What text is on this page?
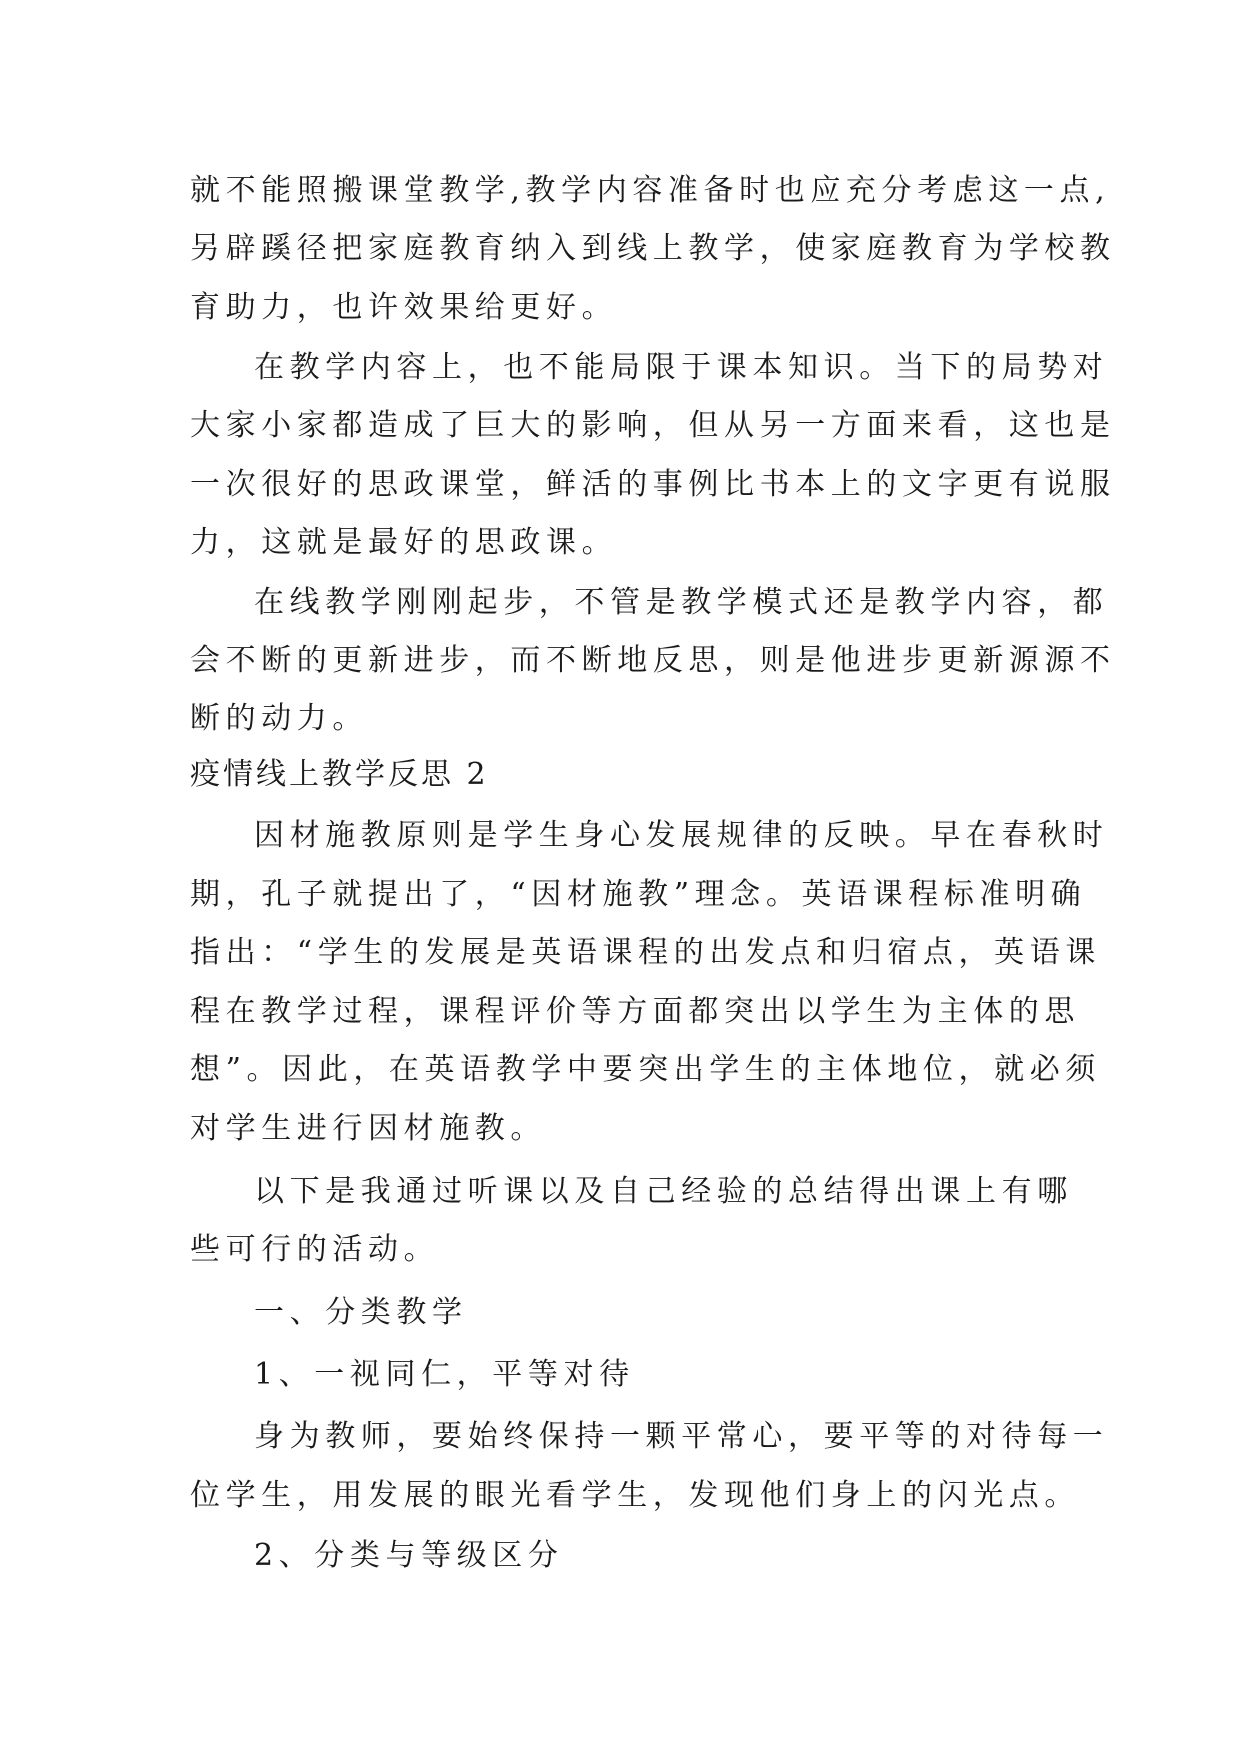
就不能照搬课堂教学,教学内容准备时也应充分考虑这一点,
另辟蹊径把家庭教育纳入到线上教学，使家庭教育为学校教
育助力，也许效果给更好。
在教学内容上，也不能局限于课本知识。当下的局势对
大家小家都造成了巨大的影响，但从另一方面来看，这也是
一次很好的思政课堂，鲜活的事例比书本上的文字更有说服
力，这就是最好的思政课。
在线教学刚刚起步，不管是教学模式还是教学内容，都
会不断的更新进步，而不断地反思，则是他进步更新源源不
断的动力。
疫情线上教学反思 2
因材施教原则是学生身心发展规律的反映。早在春秋时
期，孔子就提出了，“因材施教”理念。英语课程标准明确
指出：“学生的发展是英语课程的出发点和归宿点，英语课
程在教学过程，课程评价等方面都突出以学生为主体的思
想”。因此，在英语教学中要突出学生的主体地位，就必须
对学生进行因材施教。
以下是我通过听课以及自己经验的总结得出课上有哪
些可行的活动。
一、分类教学
1、一视同仁，平等对待
身为教师，要始终保持一颗平常心，要平等的对待每一
位学生，用发展的眼光看学生，发现他们身上的闪光点。
2、分类与等级区分
